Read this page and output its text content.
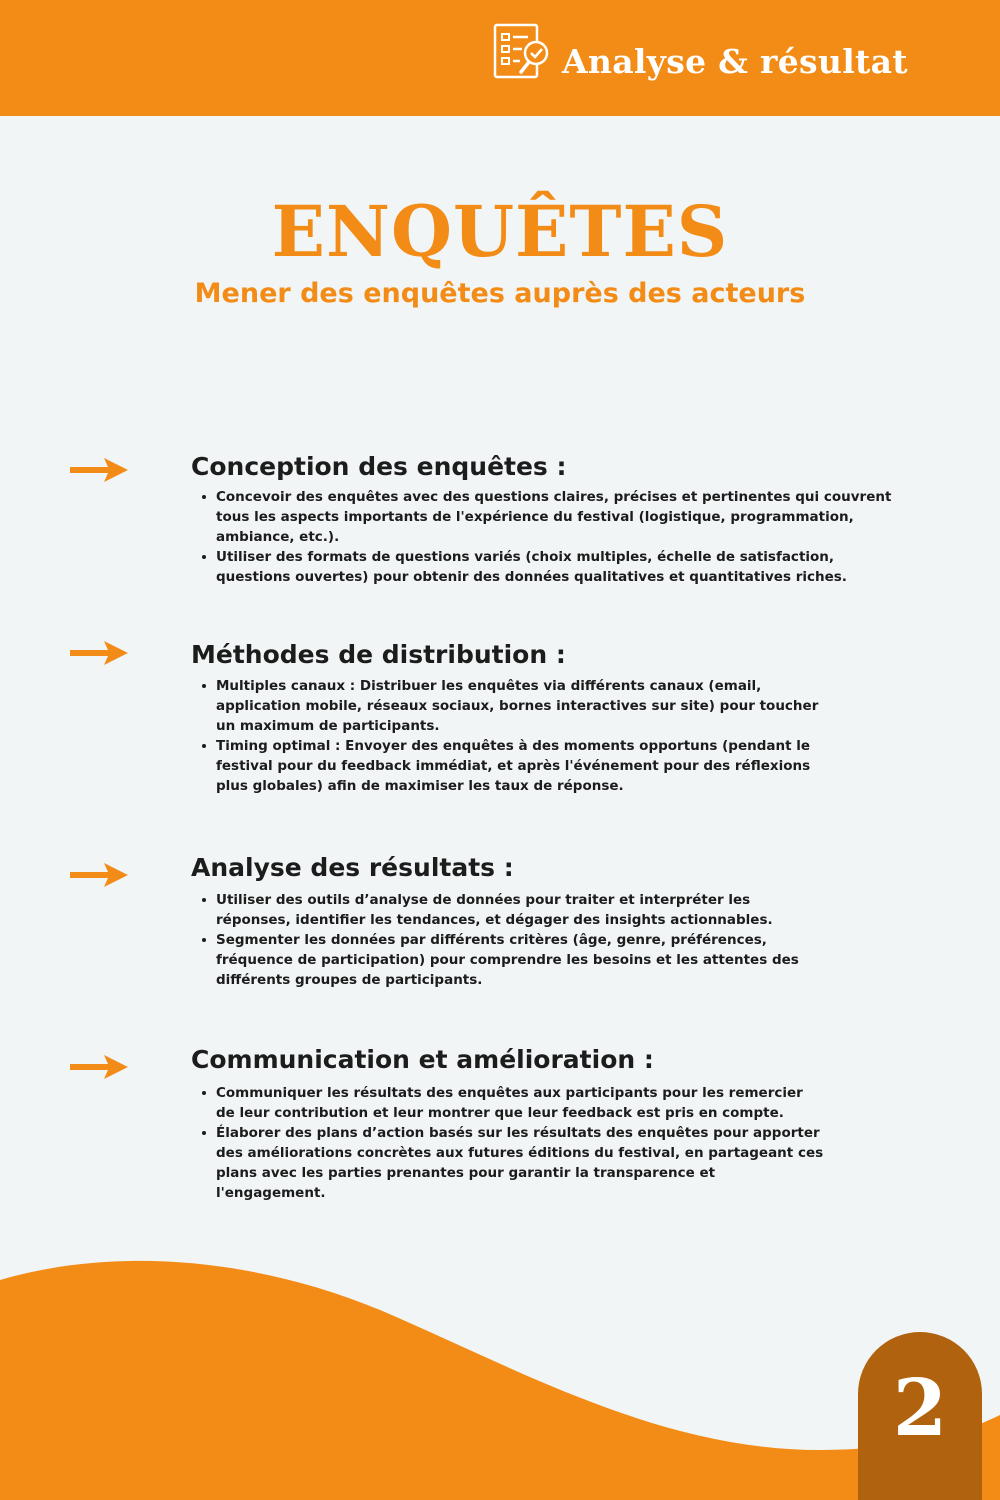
Analyse & résultat
ENQUÊTES
Mener des enquêtes auprès des acteurs
Conception des enquêtes :
Concevoir des enquêtes avec des questions claires, précises et pertinentes qui couvrent tous les aspects importants de l'expérience du festival (logistique, programmation, ambiance, etc.).
Utiliser des formats de questions variés (choix multiples, échelle de satisfaction, questions ouvertes) pour obtenir des données qualitatives et quantitatives riches.
Méthodes de distribution :
Multiples canaux : Distribuer les enquêtes via différents canaux (email, application mobile, réseaux sociaux, bornes interactives sur site) pour toucher un maximum de participants.
Timing optimal : Envoyer des enquêtes à des moments opportuns (pendant le festival pour du feedback immédiat, et après l'événement pour des réflexions plus globales) afin de maximiser les taux de réponse.
Analyse des résultats :
Utiliser des outils d’analyse de données pour traiter et interpréter les réponses, identifier les tendances, et dégager des insights actionnables.
Segmenter les données par différents critères (âge, genre, préférences, fréquence de participation) pour comprendre les besoins et les attentes des différents groupes de participants.
Communication et amélioration :
Communiquer les résultats des enquêtes aux participants pour les remercier de leur contribution et leur montrer que leur feedback est pris en compte.
Élaborer des plans d’action basés sur les résultats des enquêtes pour apporter des améliorations concrètes aux futures éditions du festival, en partageant ces plans avec les parties prenantes pour garantir la transparence et l'engagement.
2
